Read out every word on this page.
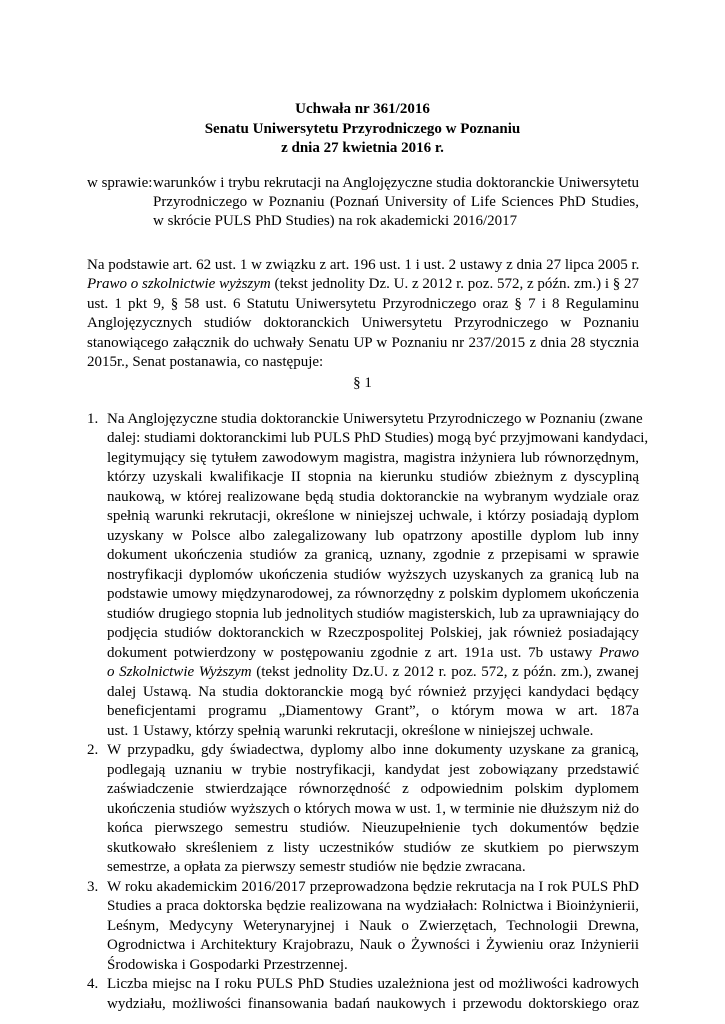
Uchwała nr 361/2016
Senatu Uniwersytetu Przyrodniczego w Poznaniu
z dnia 27 kwietnia 2016 r.
w sprawie: warunków i trybu rekrutacji na Anglojęzyczne studia doktoranckie Uniwersytetu
Przyrodniczego w Poznaniu (Poznań University of Life Sciences PhD Studies,
w skrócie PULS PhD Studies) na rok akademicki 2016/2017
Na podstawie art. 62 ust. 1 w związku z art. 196 ust. 1 i ust. 2 ustawy z dnia 27 lipca 2005 r.
Prawo o szkolnictwie wyższym (tekst jednolity Dz. U. z 2012 r. poz. 572, z późn. zm.) i § 27
ust. 1 pkt 9, § 58 ust. 6 Statutu Uniwersytetu Przyrodniczego oraz § 7 i 8 Regulaminu
Anglojęzycznych studiów doktoranckich Uniwersytetu Przyrodniczego w Poznaniu
stanowiącego załącznik do uchwały Senatu UP w Poznaniu nr 237/2015 z dnia 28 stycznia
2015r., Senat postanawia, co następuje:
§ 1
1. Na Anglojęzyczne studia doktoranckie Uniwersytetu Przyrodniczego w Poznaniu (zwane
dalej: studiami doktoranckimi lub PULS PhD Studies) mogą być przyjmowani kandydaci,
legitymujący się tytułem zawodowym magistra, magistra inżyniera lub równorzędnym,
którzy uzyskali kwalifikacje II stopnia na kierunku studiów zbieżnym z dyscypliną
naukową, w której realizowane będą studia doktoranckie na wybranym wydziale oraz
spełnią warunki rekrutacji, określone w niniejszej uchwale, i którzy posiadają dyplom
uzyskany w Polsce albo zalegalizowany lub opatrzony apostille dyplom lub inny
dokument ukończenia studiów za granicą, uznany, zgodnie z przepisami w sprawie
nostryfikacji dyplomów ukończenia studiów wyższych uzyskanych za granicą lub na
podstawie umowy międzynarodowej, za równorzędny z polskim dyplomem ukończenia
studiów drugiego stopnia lub jednolitych studiów magisterskich, lub za uprawniający do
podjęcia studiów doktoranckich w Rzeczpospolitej Polskiej, jak również posiadający
dokument potwierdzony w postępowaniu zgodnie z art. 191a ust. 7b ustawy Prawo
o Szkolnictwie Wyższym (tekst jednolity Dz.U. z 2012 r. poz. 572, z późn. zm.), zwanej
dalej Ustawą. Na studia doktoranckie mogą być również przyjęci kandydaci będący
beneficjentami programu „Diamentowy Grant”, o którym mowa w art. 187a
ust. 1 Ustawy, którzy spełnią warunki rekrutacji, określone w niniejszej uchwale.
2. W przypadku, gdy świadectwa, dyplomy albo inne dokumenty uzyskane za granicą,
podlegają uznaniu w trybie nostryfikacji, kandydat jest zobowiązany przedstawić
zaświadczenie stwierdzające równorzędność z odpowiednim polskim dyplomem
ukończenia studiów wyższych o których mowa w ust. 1, w terminie nie dłuższym niż do
końca pierwszego semestru studiów. Nieuzupełnienie tych dokumentów będzie
skutkowało skreśleniem z listy uczestników studiów ze skutkiem po pierwszym
semestrze, a opłata za pierwszy semestr studiów nie będzie zwracana.
3. W roku akademickim 2016/2017 przeprowadzona będzie rekrutacja na I rok PULS PhD
Studies a praca doktorska będzie realizowana na wydziałach: Rolnictwa i Bioinżynierii,
Leśnym, Medycyny Weterynaryjnej i Nauk o Zwierzętach, Technologii Drewna,
Ogrodnictwa i Architektury Krajobrazu, Nauk o Żywności i Żywieniu oraz Inżynierii
Środowiska i Gospodarki Przestrzennej.
4. Liczba miejsc na I roku PULS PhD Studies uzależniona jest od możliwości kadrowych
wydziału, możliwości finansowania badań naukowych i przewodu doktorskiego oraz
